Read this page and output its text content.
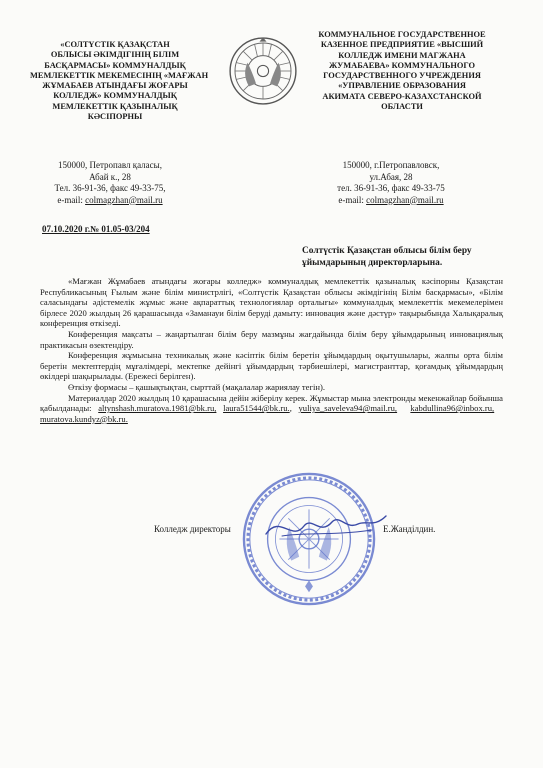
«СОЛТҮСТІК ҚАЗАҚСТАН
ОБЛЫСЫ ӘКІМДІГІНІҢ БІЛІМ
БАСҚАРМАСЫ» КОММУНАЛДЫҚ
МЕМЛЕКЕТТІК МЕКЕМЕСІНІҢ «МАҒЖАН
ЖҰМАБАЕВ АТЫНДАҒЫ ЖОҒАРЫ
КОЛЛЕДЖ» КОММУНАЛДЫҚ
МЕМЛЕКЕТТІК ҚАЗЫНАЛЫҚ
КӘСІПОРНЫ
КОММУНАЛЬНОЕ ГОСУДАРСТВЕННОЕ
КАЗЕННОЕ ПРЕДПРИЯТИЕ «ВЫСШИЙ
КОЛЛЕДЖ ИМЕНИ МАГЖАНА
ЖУМАБАЕВА» КОММУНАЛЬНОГО
ГОСУДАРСТВЕННОГО УЧРЕЖДЕНИЯ
«УПРАВЛЕНИЕ ОБРАЗОВАНИЯ
АКИМАТА СЕВЕРО-КАЗАХСТАНСКОЙ
ОБЛАСТИ
150000, Петропавл қаласы,
Абай к., 28
Тел. 36-91-36, факс 49-33-75,
e-mail: colmagzhan@mail.ru
150000, г.Петропавловск,
ул.Абая, 28
тел. 36-91-36, факс 49-33-75
e-mail: colmagzhan@mail.ru
07.10.2020 г.№ 01.05-03/204
Солтүстік Қазақстан облысы білім беру
ұйымдарының директорларына.

«Мағжан Жұмабаев атындағы жоғары колледж» коммуналдық мемлекеттік қазыналық кәсіпорны Қазақстан Республикасының Ғылым және білім министрлігі, «Солтүстік Қазақстан облысы әкімдігінің Білім басқармасы», «Білім саласындағы әдістемелік жұмыс және ақпараттық технологиялар орталығы» коммуналдық мемлекеттік мекемелерімен бірлесе 2020 жылдың 26 қарашасында «Заманауи білім беруді дамыту: инновация және дәстүр» тақырыбында Халықаралық конференция өткізеді.

Конференция мақсаты – жаңартылған білім беру мазмұны жағдайында білім беру ұйымдарының инновациялық практикасын өзектендіру.

Конференция жұмысына техникалық және кәсіптік білім беретін ұйымдардың оқытушылары, жалпы орта білім беретін мектептердің мұғалімдері, мектепке дейінгі ұйымдардың тәрбиешілері, магистранттар, қоғамдық ұйымдардың өкілдері шақырылады. (Ережесі берілген).

Өткізу формасы – қашықтықтан, сырттай (мақалалар жариялау тегін).

Материалдар 2020 жылдың 10 қарашасына дейін жіберілу керек. Жұмыстар мына электронды мекенжайлар бойынша қабылданады: altynshash.muratova.1981@bk.ru, laura51544@bk.ru., yuliya_saveleva94@mail.ru, kabdullina96@inbox.ru,   muratova.kundyz@bk.ru.

Колледж директоры	Е.Жанділдин.
